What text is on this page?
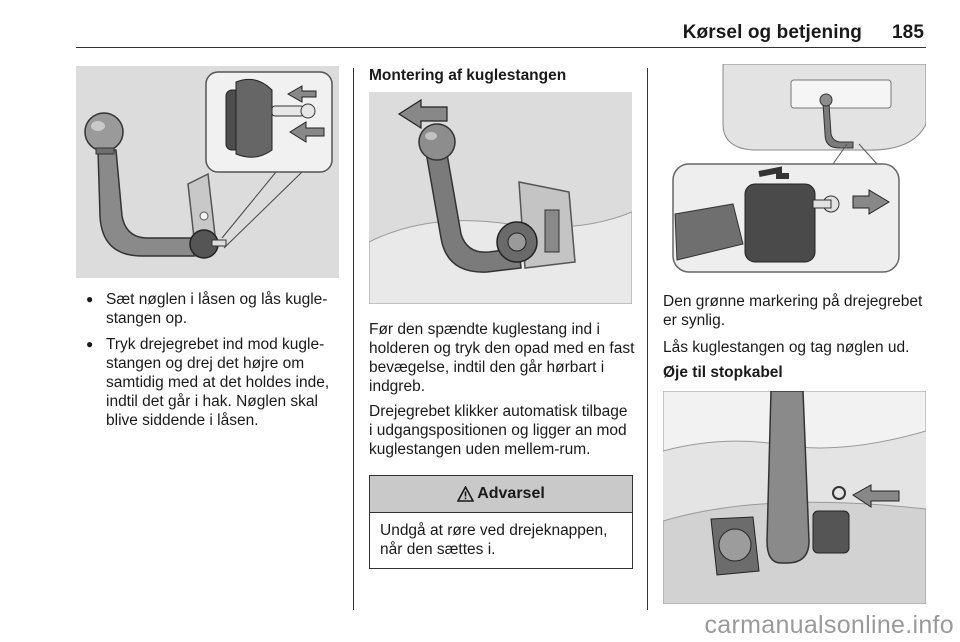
Kørsel og betjening 185
● Sæt nøglen i låsen og lås kugle-stangen op.
● Tryk drejegrebet ind mod kugle-stangen og drej det højre om samtidig med at det holdes inde, indtil det går i hak. Nøglen skal blive siddende i låsen.
Montering af kuglestangen

Før den spændte kuglestang ind i holderen og tryk den opad med en fast bevægelse, indtil den går hørbart i indgreb.

Drejegrebet klikker automatisk tilbage i udgangspositionen og ligger an mod kuglestangen uden mellem-rum.

Advarsel
Undgå at røre ved drejeknappen, når den sættes i.

Den grønne markering på drejegrebet er synlig.

Lås kuglestangen og tag nøglen ud.

Øje til stopkabel
carmanualsonline.info
